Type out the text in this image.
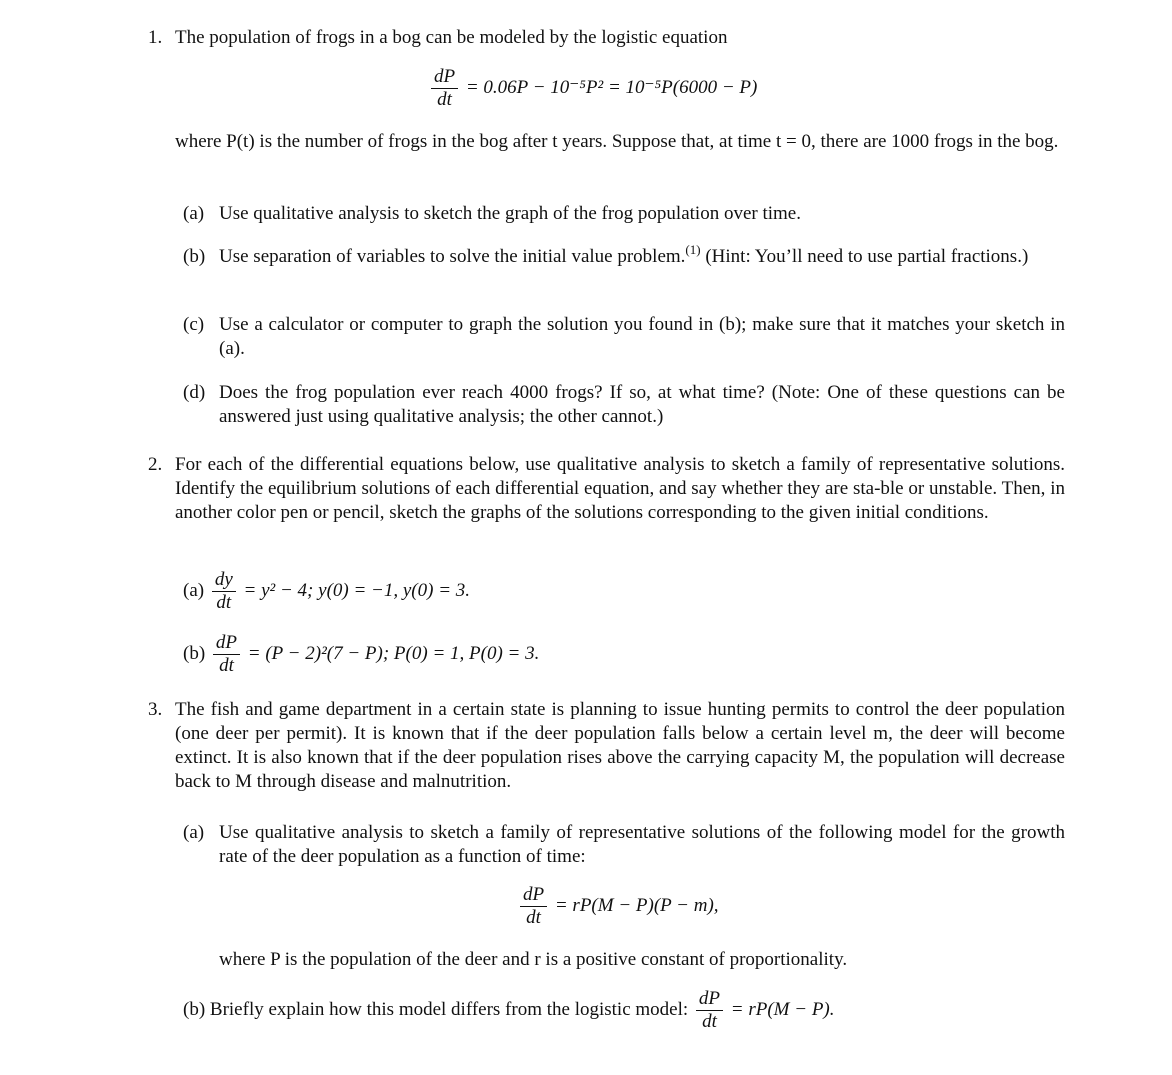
1. The population of frogs in a bog can be modeled by the logistic equation
$\frac{dP}{dt} = 0.06P - 10^{-5}P^2 = 10^{-5}P(6000 - P)$
where P(t) is the number of frogs in the bog after t years. Suppose that, at time t = 0, there are 1000 frogs in the bog.
(a) Use qualitative analysis to sketch the graph of the frog population over time.
(b) Use separation of variables to solve the initial value problem.$^{(1)}$ (Hint: You’ll need to use partial fractions.)
(c) Use a calculator or computer to graph the solution you found in (b); make sure that it matches your sketch in (a).
(d) Does the frog population ever reach 4000 frogs? If so, at what time? (Note: One of these questions can be answered just using qualitative analysis; the other cannot.)
2. For each of the differential equations below, use qualitative analysis to sketch a family of representative solutions. Identify the equilibrium solutions of each differential equation, and say whether they are sta-ble or unstable. Then, in another color pen or pencil, sketch the graphs of the solutions corresponding to the given initial conditions.
$(a) \frac{dy}{dt} = y^2 - 4$; y(0) = −1, y(0) = 3.
$(b) \frac{dP}{dt} = (P - 2)^2(7 - P)$; P(0) = 1, P(0) = 3.
3. The fish and game department in a certain state is planning to issue hunting permits to control the deer population (one deer per permit). It is known that if the deer population falls below a certain level m, the deer will become extinct. It is also known that if the deer population rises above the carrying capacity M, the population will decrease back to M through disease and malnutrition.
(a) Use qualitative analysis to sketch a family of representative solutions of the following model for the growth rate of the deer population as a function of time:
$\frac{dP}{dt} = rP(M - P)(P - m)$,
where P is the population of the deer and r is a positive constant of proportionality.
(b) Briefly explain how this model differs from the logistic model: $\frac{dP}{dt} = rP(M - P)$.
